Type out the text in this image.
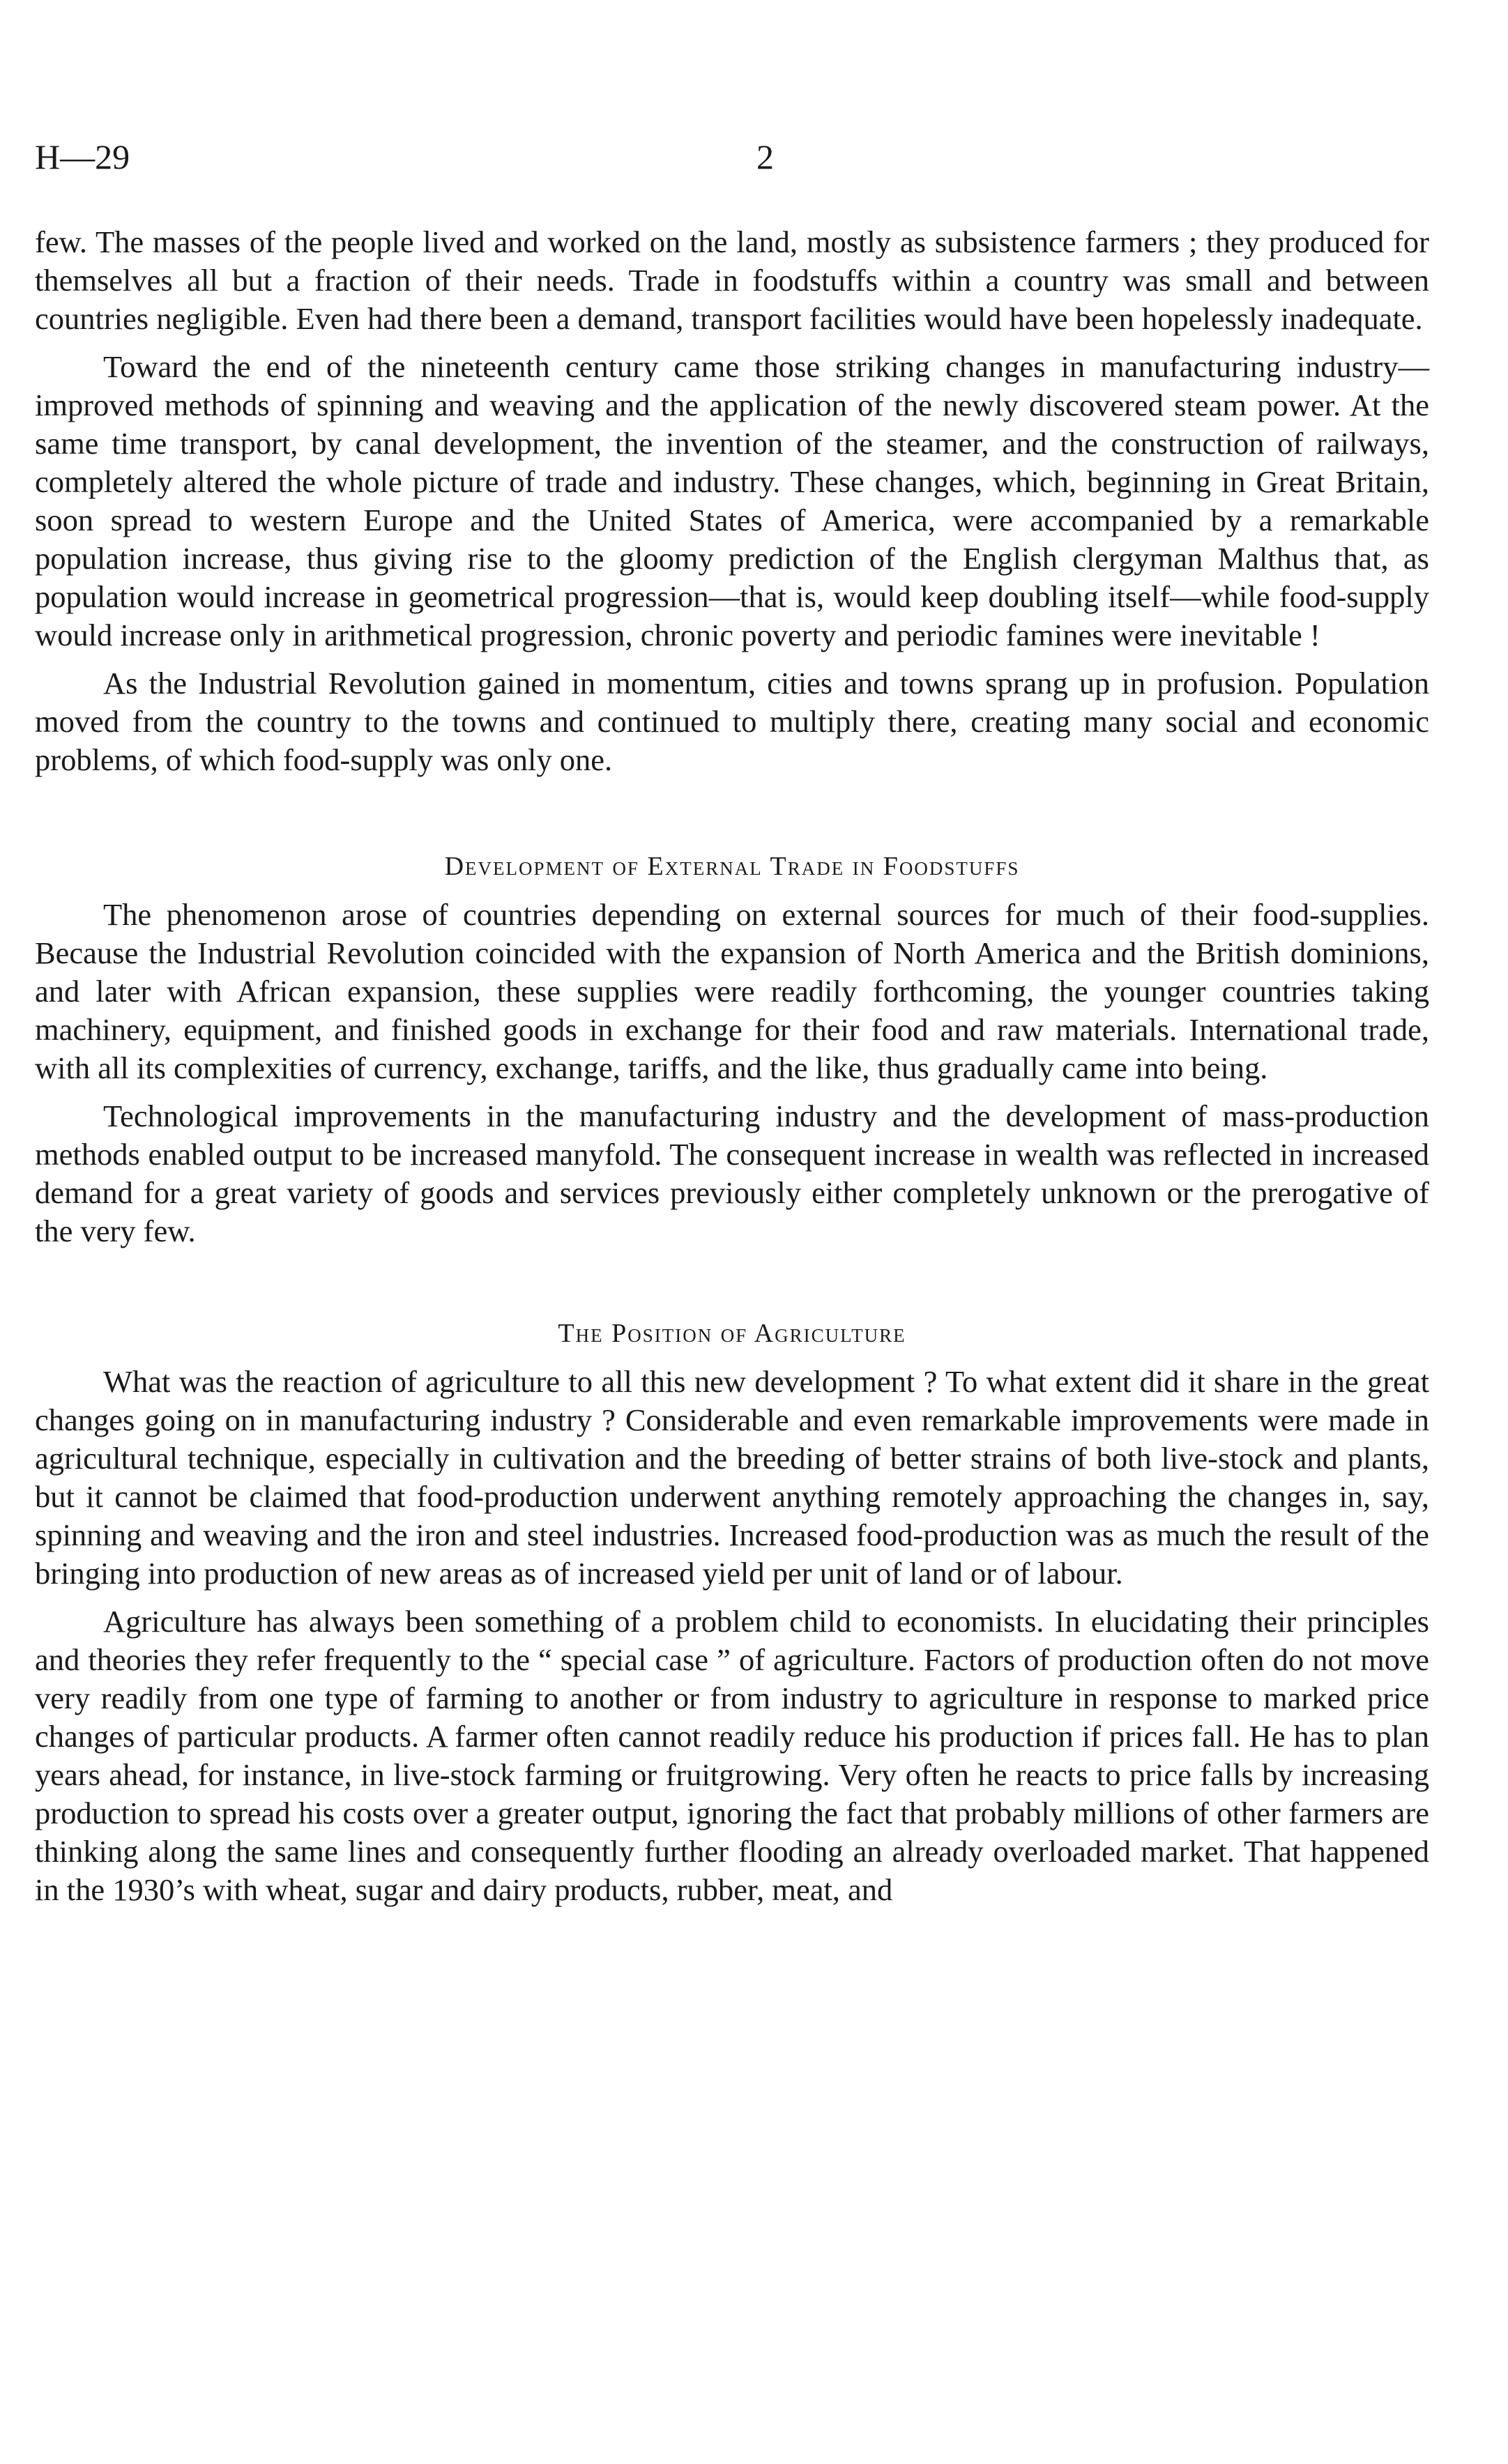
H—29	2

few. The masses of the people lived and worked on the land, mostly as subsistence farmers ; they produced for themselves all but a fraction of their needs. Trade in foodstuffs within a country was small and between countries negligible. Even had there been a demand, transport facilities would have been hopelessly inadequate.

Toward the end of the nineteenth century came those striking changes in manufacturing industry—improved methods of spinning and weaving and the application of the newly discovered steam power. At the same time transport, by canal development, the invention of the steamer, and the construction of railways, completely altered the whole picture of trade and industry. These changes, which, beginning in Great Britain, soon spread to western Europe and the United States of America, were accompanied by a remarkable population increase, thus giving rise to the gloomy prediction of the English clergyman Malthus that, as population would increase in geometrical progression—that is, would keep doubling itself—while food-supply would increase only in arithmetical progression, chronic poverty and periodic famines were inevitable !

As the Industrial Revolution gained in momentum, cities and towns sprang up in profusion. Population moved from the country to the towns and continued to multiply there, creating many social and economic problems, of which food-supply was only one.

Development of External Trade in Foodstuffs

The phenomenon arose of countries depending on external sources for much of their food-supplies. Because the Industrial Revolution coincided with the expansion of North America and the British dominions, and later with African expansion, these supplies were readily forthcoming, the younger countries taking machinery, equipment, and finished goods in exchange for their food and raw materials. International trade, with all its complexities of currency, exchange, tariffs, and the like, thus gradually came into being.

Technological improvements in the manufacturing industry and the development of mass-production methods enabled output to be increased manyfold. The consequent increase in wealth was reflected in increased demand for a great variety of goods and services previously either completely unknown or the prerogative of the very few.

The Position of Agriculture

What was the reaction of agriculture to all this new development ? To what extent did it share in the great changes going on in manufacturing industry ? Considerable and even remarkable improvements were made in agricultural technique, especially in cultivation and the breeding of better strains of both live-stock and plants, but it cannot be claimed that food-production underwent anything remotely approaching the changes in, say, spinning and weaving and the iron and steel industries. Increased food-production was as much the result of the bringing into production of new areas as of increased yield per unit of land or of labour.

Agriculture has always been something of a problem child to economists. In elucidating their principles and theories they refer frequently to the “ special case ” of agriculture. Factors of production often do not move very readily from one type of farming to another or from industry to agriculture in response to marked price changes of particular products. A farmer often cannot readily reduce his production if prices fall. He has to plan years ahead, for instance, in live-stock farming or fruitgrowing. Very often he reacts to price falls by increasing production to spread his costs over a greater output, ignoring the fact that probably millions of other farmers are thinking along the same lines and consequently further flooding an already overloaded market. That happened in the 1930’s with wheat, sugar and dairy products, rubber, meat, and
